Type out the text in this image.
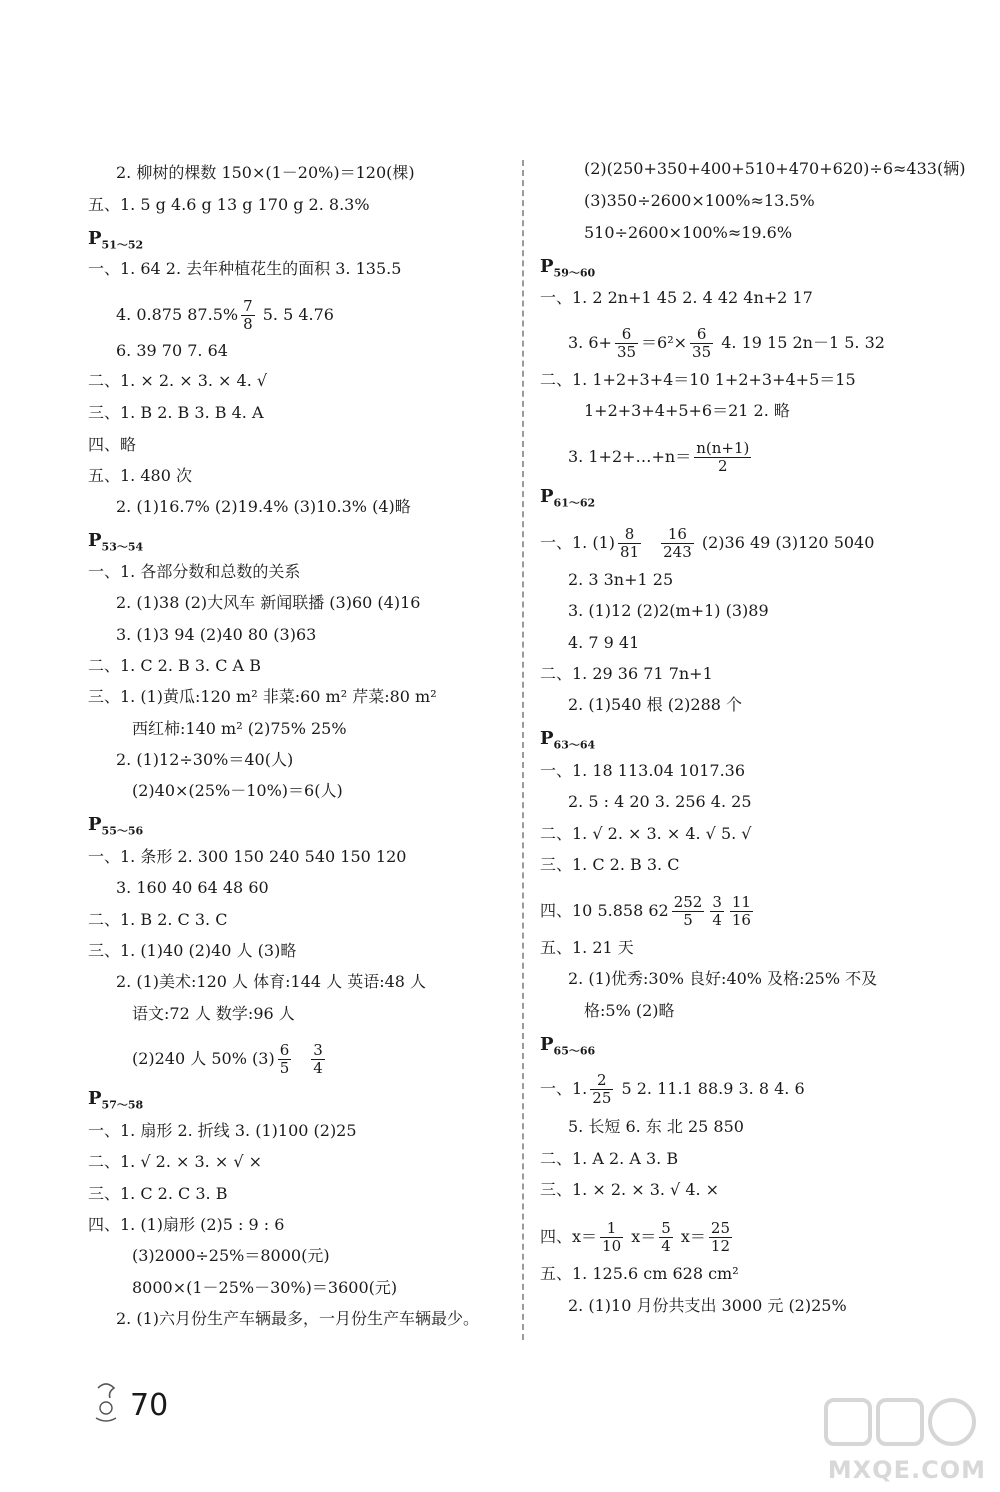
2. 柳树的棵数 150×(1－20%)＝120(棵)
五、1. 5 g 4.6 g 13 g 170 g 2. 8.3%
$P_{51\sim 52}$
一、1. 64 2. 去年种植花生的面积 3. 135.5
4. 0.875 $87.5\% \frac{7}{8} 5$. 5 4.76
6. 39 70 7. 64
二、1. × 2. × 3. × 4. √
三、1. B 2. B 3. B 4. A
四、略
五、1. 480 次
2. (1)16.7% (2)19.4% (3)10.3% (4)略
$P_{53\sim 54}$
一、1. 各部分数和总数的关系
2. (1)38 (2)大风车 新闻联播 (3)60 (4)16
3. (1)3 94 (2)40 80 (3)63
二、1. C 2. B 3. C A B
三、1. (1)黄瓜:120 m² 非菜:60 m² 芹菜:80 m²
西红柿:140 m² (2)75% 25%
2. (1)12÷30%＝40(人)
(2)40×(25%－10%)＝6(人)
$P_{55\sim 56}$
一、1. 条形 2. 300 150 240 540 150 120
3. 160 40 64 48 60
二、1. B 2. C 3. C
三、1. (1)40 (2)40 人 (3)略
2. (1)美术:120 人 体育:144 人 英语:48 人
语文:72 人 数学:96 人
(2)240 人 50% $(3) \frac{6}{5} \frac{3}{4}$
$P_{57\sim 58}$
一、1. 扇形 2. 折线 3. (1)100 (2)25
二、1. √ 2. × 3. × √ ×
三、1. C 2. C 3. B
四、1. (1)扇形 (2)5 : 9 : 6
(3)2000÷25%＝8000(元)
8000×(1－25%－30%)＝3600(元)
2. (1)六月份生产车辆最多，一月份生产车辆最少。
(2)(250+350+400+510+470+620)÷6≈433(辆)
(3)350÷2600×100%≈13.5%
510÷2600×100%≈19.6%
$P_{59\sim 60}$
一、1. 2 2n+1 45 2. 4 42 4n+2 17
3. $6+ \frac{6}{35} =6^2\times \frac{6}{35} 4$. 19 15 2n－1 5. 32
二、1. 1+2+3+4＝10 1+2+3+4+5＝15
1+2+3+4+5+6＝21 2. 略
3. 1+2+…+n＝ $\frac{n(n+1)}{2}$
$P_{61\sim 62}$
一、1. $(1) \frac{8}{81} \frac{16}{243} (2)36$ 49 (3)120 5040
2. 3 3n+1 25
3. (1)12 (2)2(m+1) (3)89
4. 7 9 41
二、1. 29 36 71 7n+1
2. (1)540 根 (2)288 个
$P_{63\sim 64}$
一、1. 18 113.04 1017.36
2. 5 : 4 20 3. 256 4. 25
二、1. √ 2. × 3. × 4. √ 5. √
三、1. C 2. B 3. C
四、10 5.858 $62 \frac{252}{5} \frac{3}{4} \frac{11}{16}$
五、1. 21 天
2. (1)优秀:30% 良好:40% 及格:25% 不及
格:5% (2)略
$P_{65\sim 66}$
一、1. $\frac{2}{25} 5$ 2. 11.1 88.9 3. 8 4. 6
5. 长短 6. 东 北 25 850
二、1. A 2. A 3. B
三、1. × 2. × 3. √ 4. ×
四、$x= \frac{1}{10} x= \frac{5}{4} x= \frac{25}{12}$
五、1. 125.6 cm 628 cm²
2. (1)10 月份共支出 3000 元 (2)25%
70
MXQE.COM
